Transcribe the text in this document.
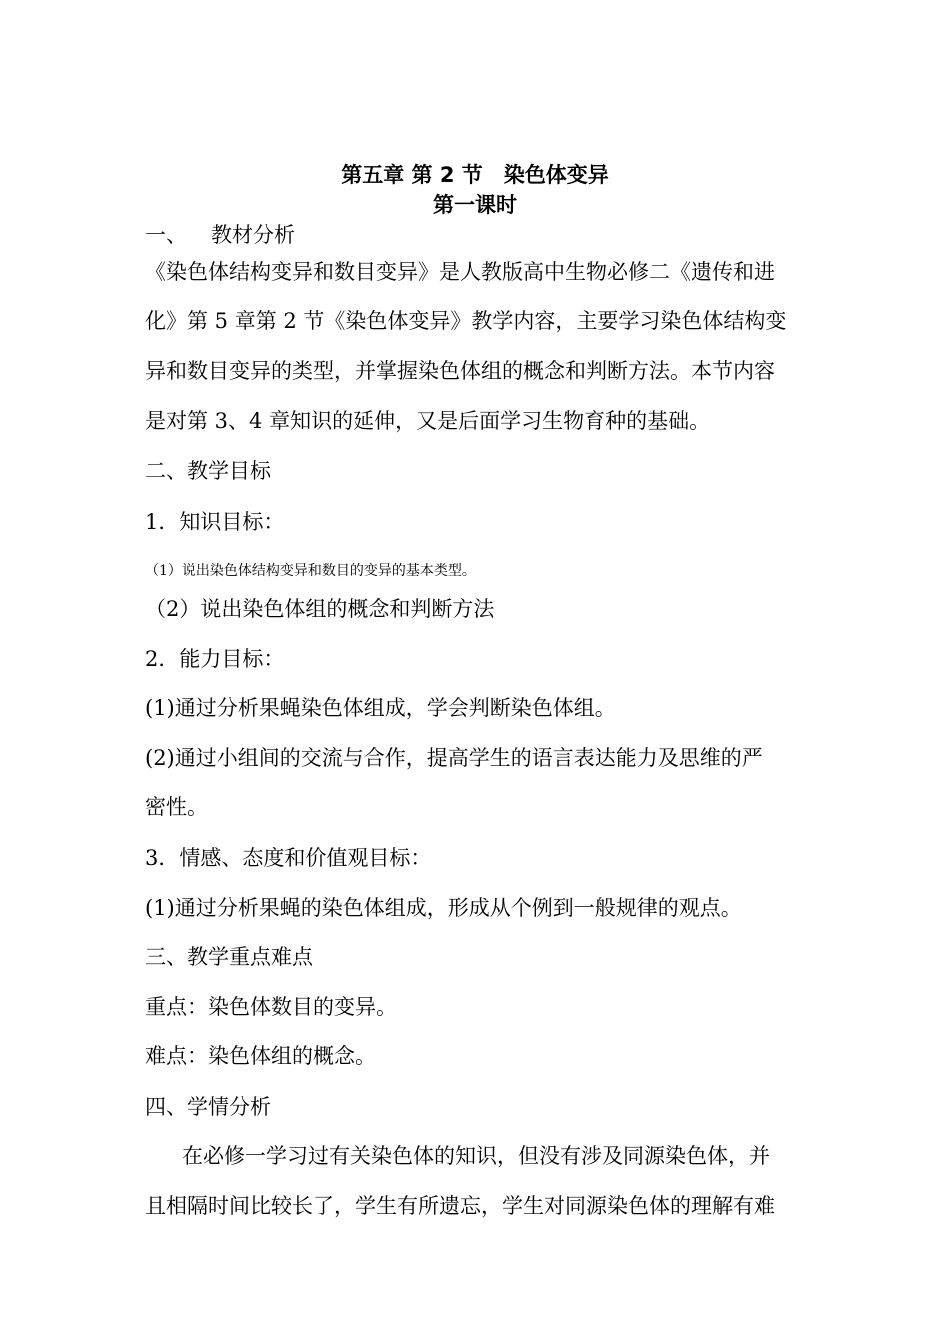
第五章 第 2 节　染色体变异
第一课时
一、 教材分析
《染色体结构变异和数目变异》是人教版高中生物必修二《遗传和进
化》第 5 章第 2 节《染色体变异》教学内容，主要学习染色体结构变
异和数目变异的类型，并掌握染色体组的概念和判断方法。本节内容
是对第 3、4 章知识的延伸，又是后面学习生物育种的基础。
二、教学目标
1．知识目标：
（1）说出染色体结构变异和数目的变异的基本类型。
（2）说出染色体组的概念和判断方法
2．能力目标：
(1)通过分析果蝇染色体组成，学会判断染色体组。
(2)通过小组间的交流与合作，提高学生的语言表达能力及思维的严
密性。
3．情感、态度和价值观目标：
(1)通过分析果蝇的染色体组成，形成从个例到一般规律的观点。
三、教学重点难点
重点：染色体数目的变异。
难点：染色体组的概念。
四、学情分析
在必修一学习过有关染色体的知识，但没有涉及同源染色体，并
且相隔时间比较长了，学生有所遗忘，学生对同源染色体的理解有难
